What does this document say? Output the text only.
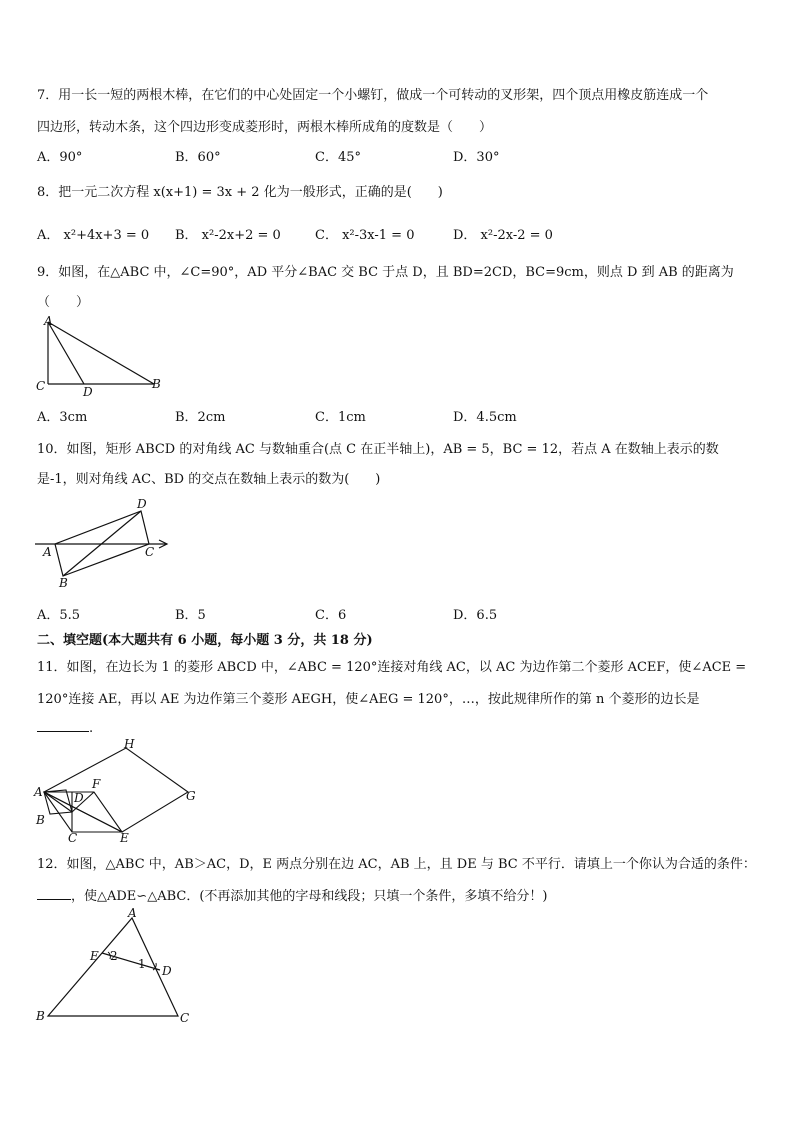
7．用一长一短的两根木棒，在它们的中心处固定一个小螺钉，做成一个可转动的叉形架，四个顶点用橡皮筋连成一个
四边形，转动木条，这个四边形变成菱形时，两根木棒所成角的度数是（　　）
A．90°	B．60°	C．45°	D．30°
8．把一元二次方程 x(x+1) = 3x + 2 化为一般形式，正确的是(　　)
A． x²+4x+3 = 0 B． x²-2x+2 = 0	C． x²-3x-1 = 0	D． x²-2x-2 = 0
9．如图，在△ABC 中，∠C=90°，AD 平分∠BAC 交 BC 于点 D，且 BD=2CD，BC=9cm，则点 D 到 AB 的距离为
（　　）
A
C	D
B
A．3cm	B．2cm	C．1cm	D．4.5cm
10．如图，矩形 ABCD 的对角线 AC 与数轴重合(点 C 在正半轴上)，AB = 5，BC = 12，若点 A 在数轴上表示的数
是-1，则对角线 AC、BD 的交点在数轴上表示的数为(　　)
A
B
C
D
A．5.5	B．5	C．6	D．6.5
二、填空题(本大题共有 6 小题，每小题 3 分，共 18 分)
11．如图，在边长为 1 的菱形 ABCD 中，∠ABC = 120°连接对角线 AC，以 AC 为边作第二个菱形 ACEF，使∠ACE =
120°连接 AE，再以 AE 为边作第三个菱形 AEGH，使∠AEG = 120°，…，按此规律所作的第 n 个菱形的边长是
.
H
A
F
D	G
B
C	E
12．如图，△ABC 中，AB＞AC，D，E 两点分别在边 AC，AB 上，且 DE 与 BC 不平行．请填上一个你认为合适的条件：
，使△ADE∽△ABC．(不再添加其他的字母和线段；只填一个条件，多填不给分！)
A
E 2
1 D
B	C
